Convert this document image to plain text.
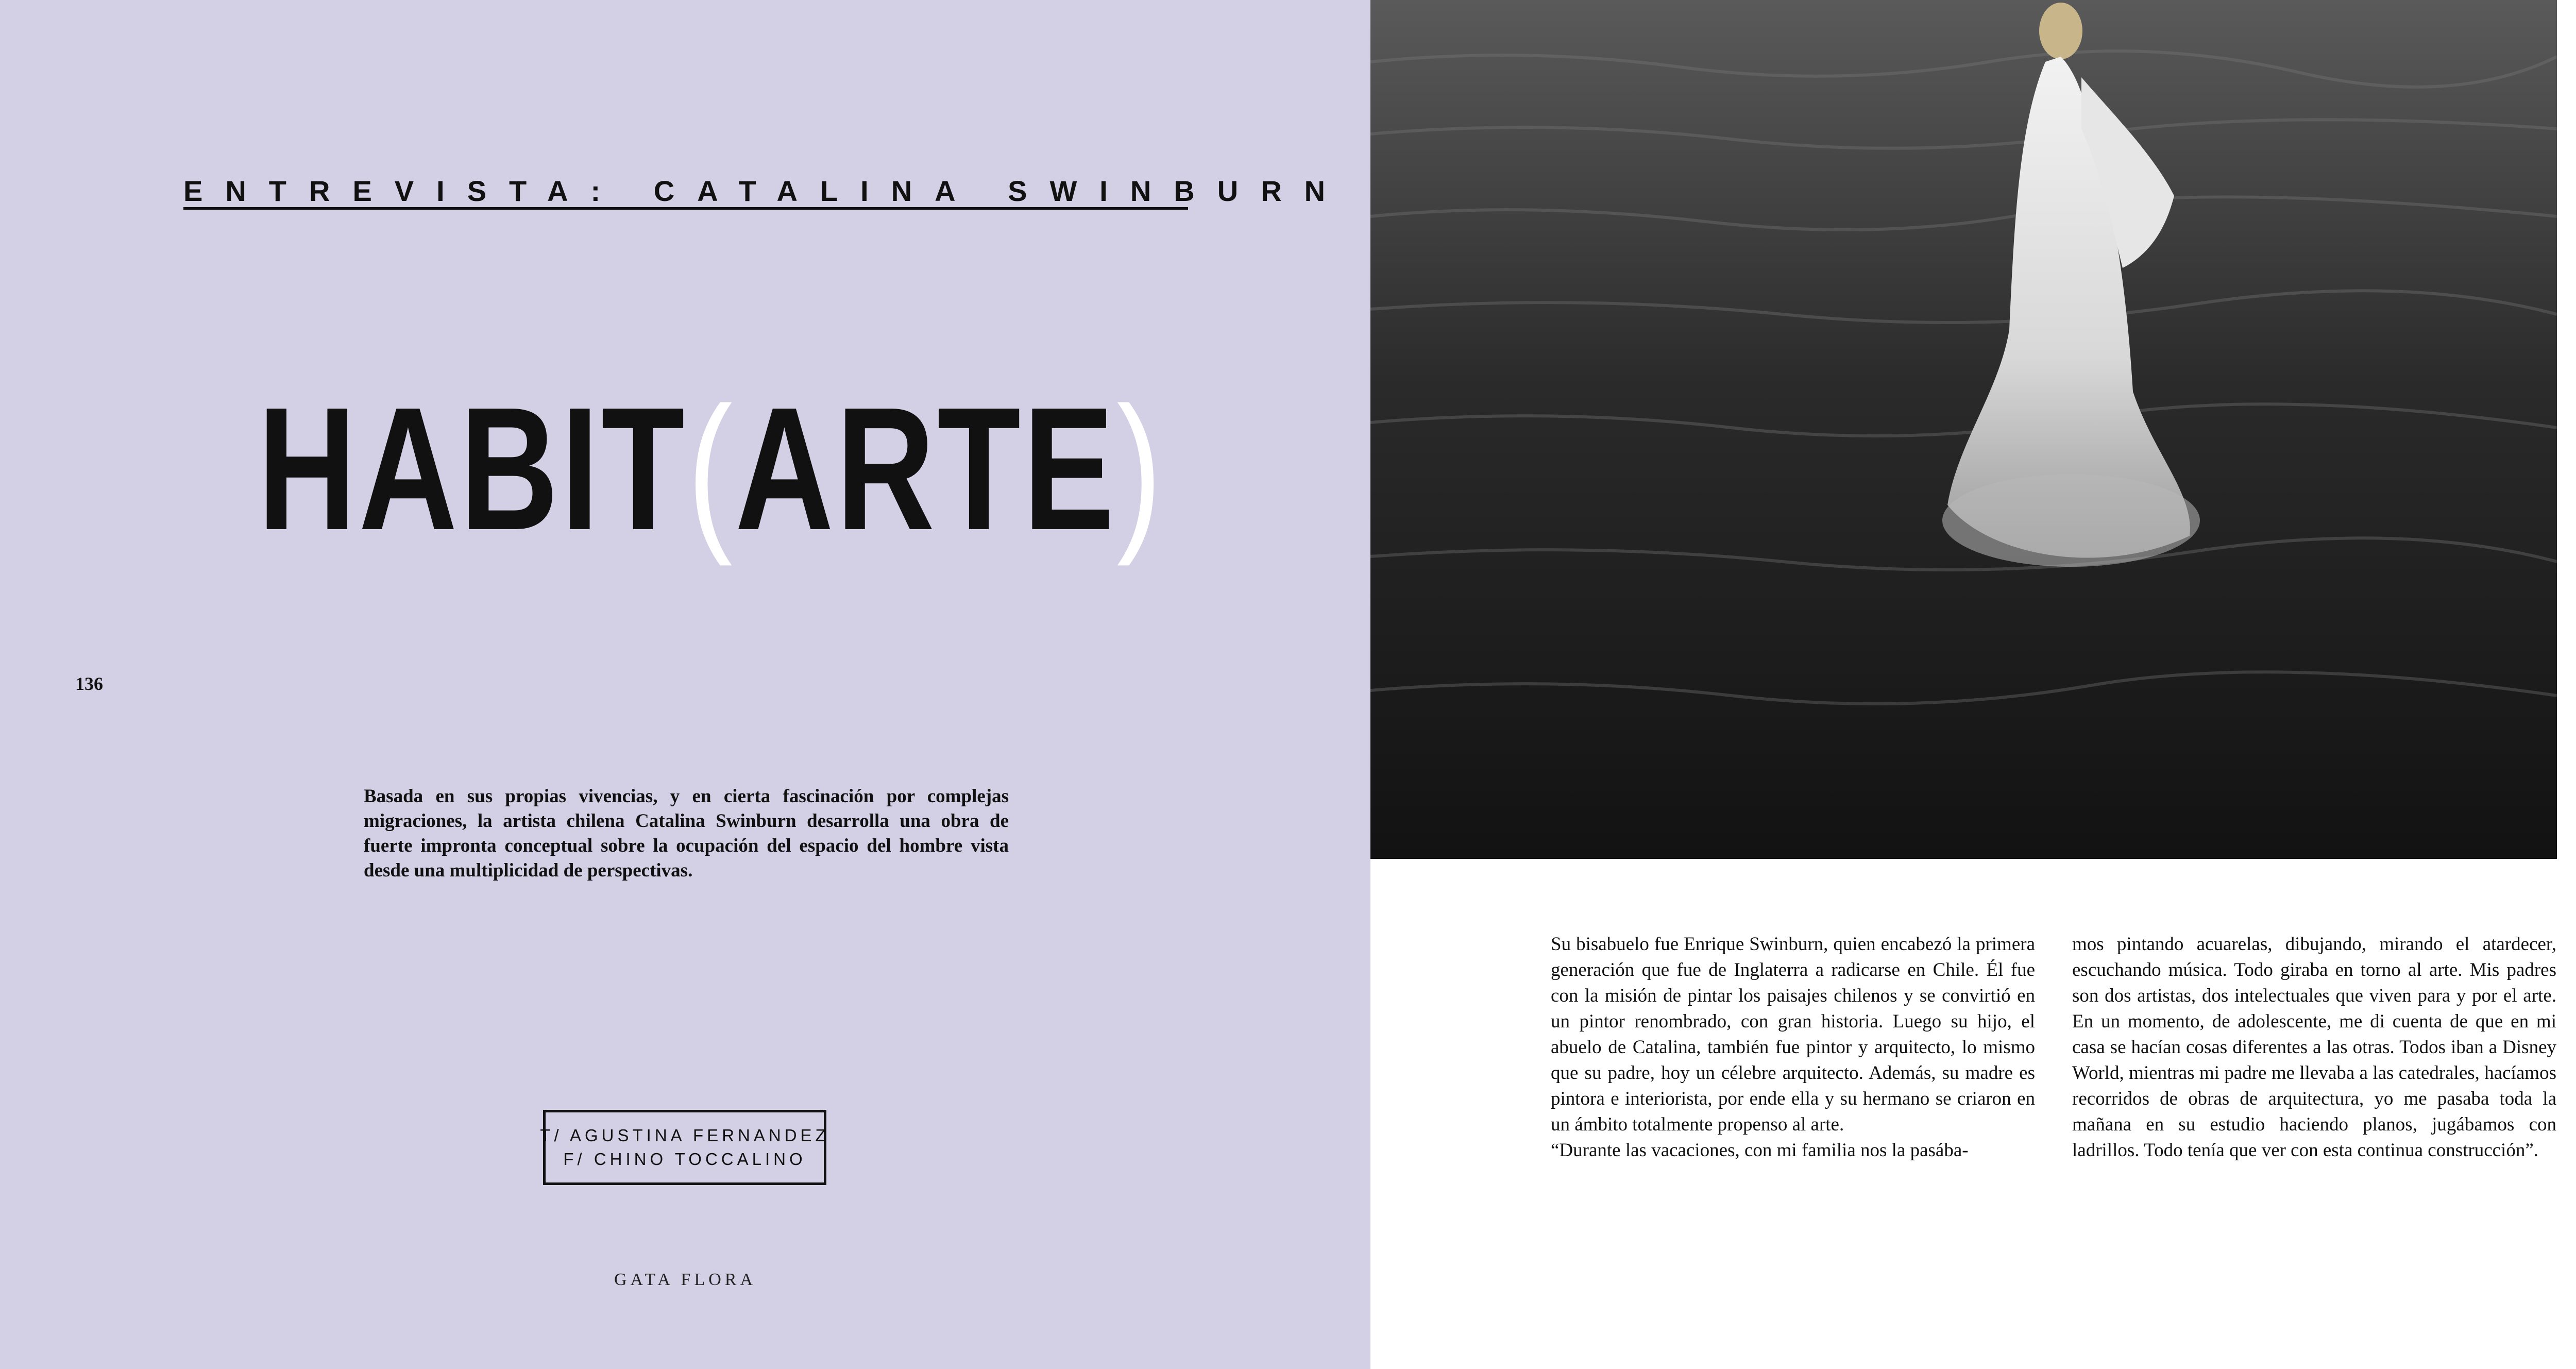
ENTREVISTA: CATALINA SWINBURN
HABIT(ARTE)
136

Basada en sus propias vivencias, y en cierta fascinación por complejas migraciones, la artista chilena Catalina Swinburn desarrolla una obra de fuerte impronta conceptual sobre la ocupación del espacio del hombre vista desde una multiplicidad de perspectivas.

T/ AGUSTINA FERNANDEZ
F/ CHINO TOCCALINO
GATA FLORA

Su bisabuelo fue Enrique Swinburn, quien encabezó la primera generación que fue de Inglaterra a radicarse en Chile. Él fue con la misión de pintar los paisajes chilenos y se convirtió en un pintor renombrado, con gran historia. Luego su hijo, el abuelo de Catalina, también fue pintor y arquitecto, lo mismo que su padre, hoy un célebre arquitecto. Además, su madre es pintora e interiorista, por ende ella y su hermano se criaron en un ámbito totalmente propenso al arte.

“Durante las vacaciones, con mi familia nos la pasába-

mos pintando acuarelas, dibujando, mirando el atardecer, escuchando música. Todo giraba en torno al arte. Mis padres son dos artistas, dos intelectuales que viven para y por el arte. En un momento, de adolescente, me di cuenta de que en mi casa se hacían cosas diferentes a las otras. Todos iban a Disney World, mientras mi padre me llevaba a las catedrales, hacíamos recorridos de obras de arquitectura, yo me pasaba toda la mañana en su estudio haciendo planos, jugábamos con ladrillos. Todo tenía que ver con esta continua construcción”.
